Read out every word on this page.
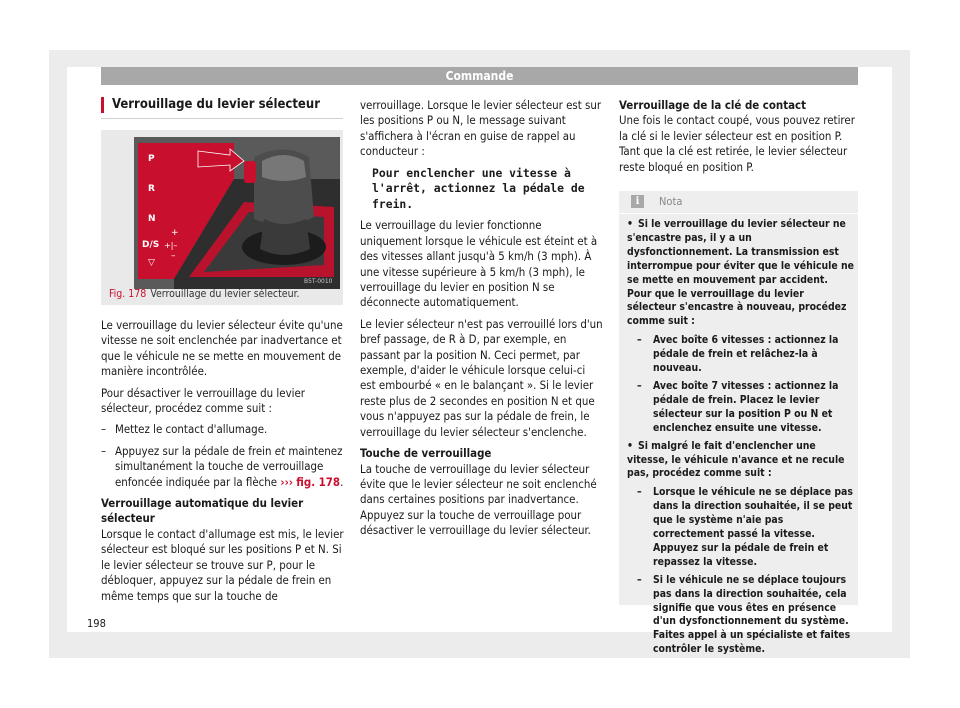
Commande
Verrouillage du levier sélecteur
P
R
N
D/S
▽
+
–
+|–
B5T-0010
Fig. 178 Verrouillage du levier sélecteur.

Le verrouillage du levier sélecteur évite qu'une vitesse ne soit enclenchée par inadvertance et que le véhicule ne se mette en mouvement de manière incontrôlée.

Pour désactiver le verrouillage du levier sélecteur, procédez comme suit :

– Mettez le contact d'allumage.

– Appuyez sur la pédale de frein et maintenez simultanément la touche de verrouillage enfoncée indiquée par la flèche ››› fig. 178.

Verrouillage automatique du levier sélecteur

Lorsque le contact d'allumage est mis, le levier sélecteur est bloqué sur les positions P et N. Si le levier sélecteur se trouve sur P, pour le débloquer, appuyez sur la pédale de frein en même temps que sur la touche de

verrouillage. Lorsque le levier sélecteur est sur les positions P ou N, le message suivant s'affichera à l'écran en guise de rappel au conducteur :

Pour enclencher une vitesse à l'arrêt, actionnez la pédale de frein.

Le verrouillage du levier fonctionne uniquement lorsque le véhicule est éteint et à des vitesses allant jusqu'à 5 km/h (3 mph). À une vitesse supérieure à 5 km/h (3 mph), le verrouillage du levier en position N se déconnecte automatiquement.

Le levier sélecteur n'est pas verrouillé lors d'un bref passage, de R à D, par exemple, en passant par la position N. Ceci permet, par exemple, d'aider le véhicule lorsque celui-ci est embourbé « en le balançant ». Si le levier reste plus de 2 secondes en position N et que vous n'appuyez pas sur la pédale de frein, le verrouillage du levier sélecteur s'enclenche.

Touche de verrouillage

La touche de verrouillage du levier sélecteur évite que le levier sélecteur ne soit enclenché dans certaines positions par inadvertance. Appuyez sur la touche de verrouillage pour désactiver le verrouillage du levier sélecteur.

Verrouillage de la clé de contact

Une fois le contact coupé, vous pouvez retirer la clé si le levier sélecteur est en position P. Tant que la clé est retirée, le levier sélecteur reste bloqué en position P.

i	Nota

• Si le verrouillage du levier sélecteur ne s'encastre pas, il y a un dysfonctionnement. La transmission est interrompue pour éviter que le véhicule ne se mette en mouvement par accident. Pour que le verrouillage du levier sélecteur s'encastre à nouveau, procédez comme suit :

– Avec boîte 6 vitesses : actionnez la pédale de frein et relâchez-la à nouveau.

– Avec boîte 7 vitesses : actionnez la pédale de frein. Placez le levier sélecteur sur la position P ou N et enclenchez ensuite une vitesse.

• Si malgré le fait d'enclencher une vitesse, le véhicule n'avance et ne recule pas, procédez comme suit :

– Lorsque le véhicule ne se déplace pas dans la direction souhaitée, il se peut que le système n'aie pas correctement passé la vitesse. Appuyez sur la pédale de frein et repassez la vitesse.

– Si le véhicule ne se déplace toujours pas dans la direction souhaitée, cela signifie que vous êtes en présence d'un dysfonctionnement du système. Faites appel à un spécialiste et faites contrôler le système.

198
